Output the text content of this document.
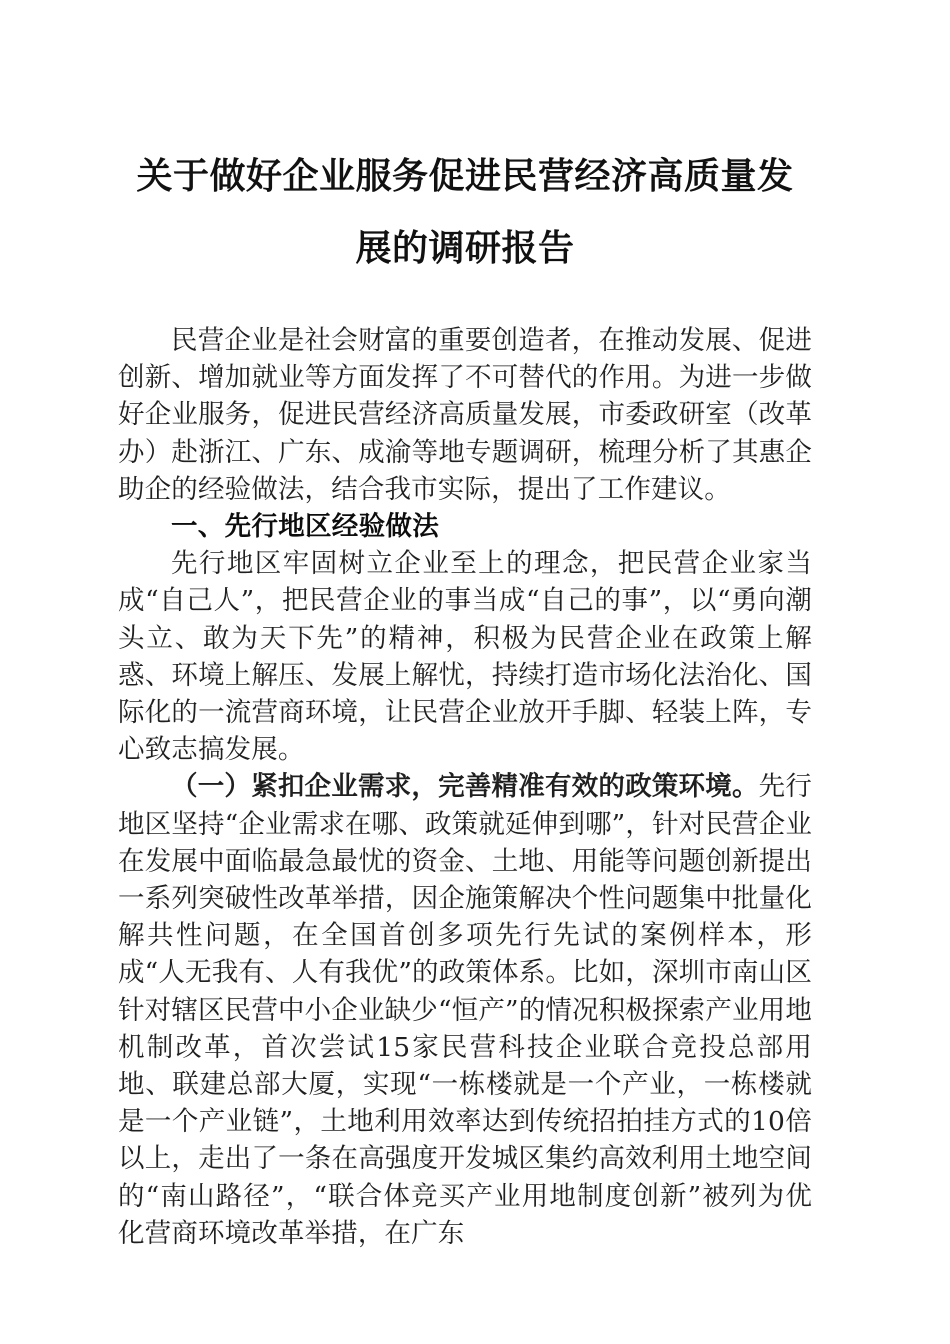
关于做好企业服务促进民营经济高质量发
展的调研报告

民营企业是社会财富的重要创造者，在推动发展、促进创新、增加就业等方面发挥了不可替代的作用。为进一步做好企业服务，促进民营经济高质量发展，市委政研室（改革办）赴浙江、广东、成渝等地专题调研，梳理分析了其惠企助企的经验做法，结合我市实际，提出了工作建议。

一、先行地区经验做法

先行地区牢固树立企业至上的理念，把民营企业家当成“自己人”，把民营企业的事当成“自己的事”，以“勇向潮头立、敢为天下先”的精神，积极为民营企业在政策上解惑、环境上解压、发展上解忧，持续打造市场化法治化、国际化的一流营商环境，让民营企业放开手脚、轻装上阵，专心致志搞发展。

（一）紧扣企业需求，完善精准有效的政策环境。先行地区坚持“企业需求在哪、政策就延伸到哪”，针对民营企业在发展中面临最急最忧的资金、土地、用能等问题创新提出一系列突破性改革举措，因企施策解决个性问题集中批量化解共性问题，在全国首创多项先行先试的案例样本，形成“人无我有、人有我优”的政策体系。比如，深圳市南山区针对辖区民营中小企业缺少“恒产”的情况积极探索产业用地机制改革，首次尝试15家民营科技企业联合竞投总部用地、联建总部大厦，实现“一栋楼就是一个产业，一栋楼就是一个产业链”，土地利用效率达到传统招拍挂方式的10倍以上，走出了一条在高强度开发城区集约高效利用土地空间的“南山路径”，“联合体竞买产业用地制度创新”被列为优化营商环境改革举措，在广东
